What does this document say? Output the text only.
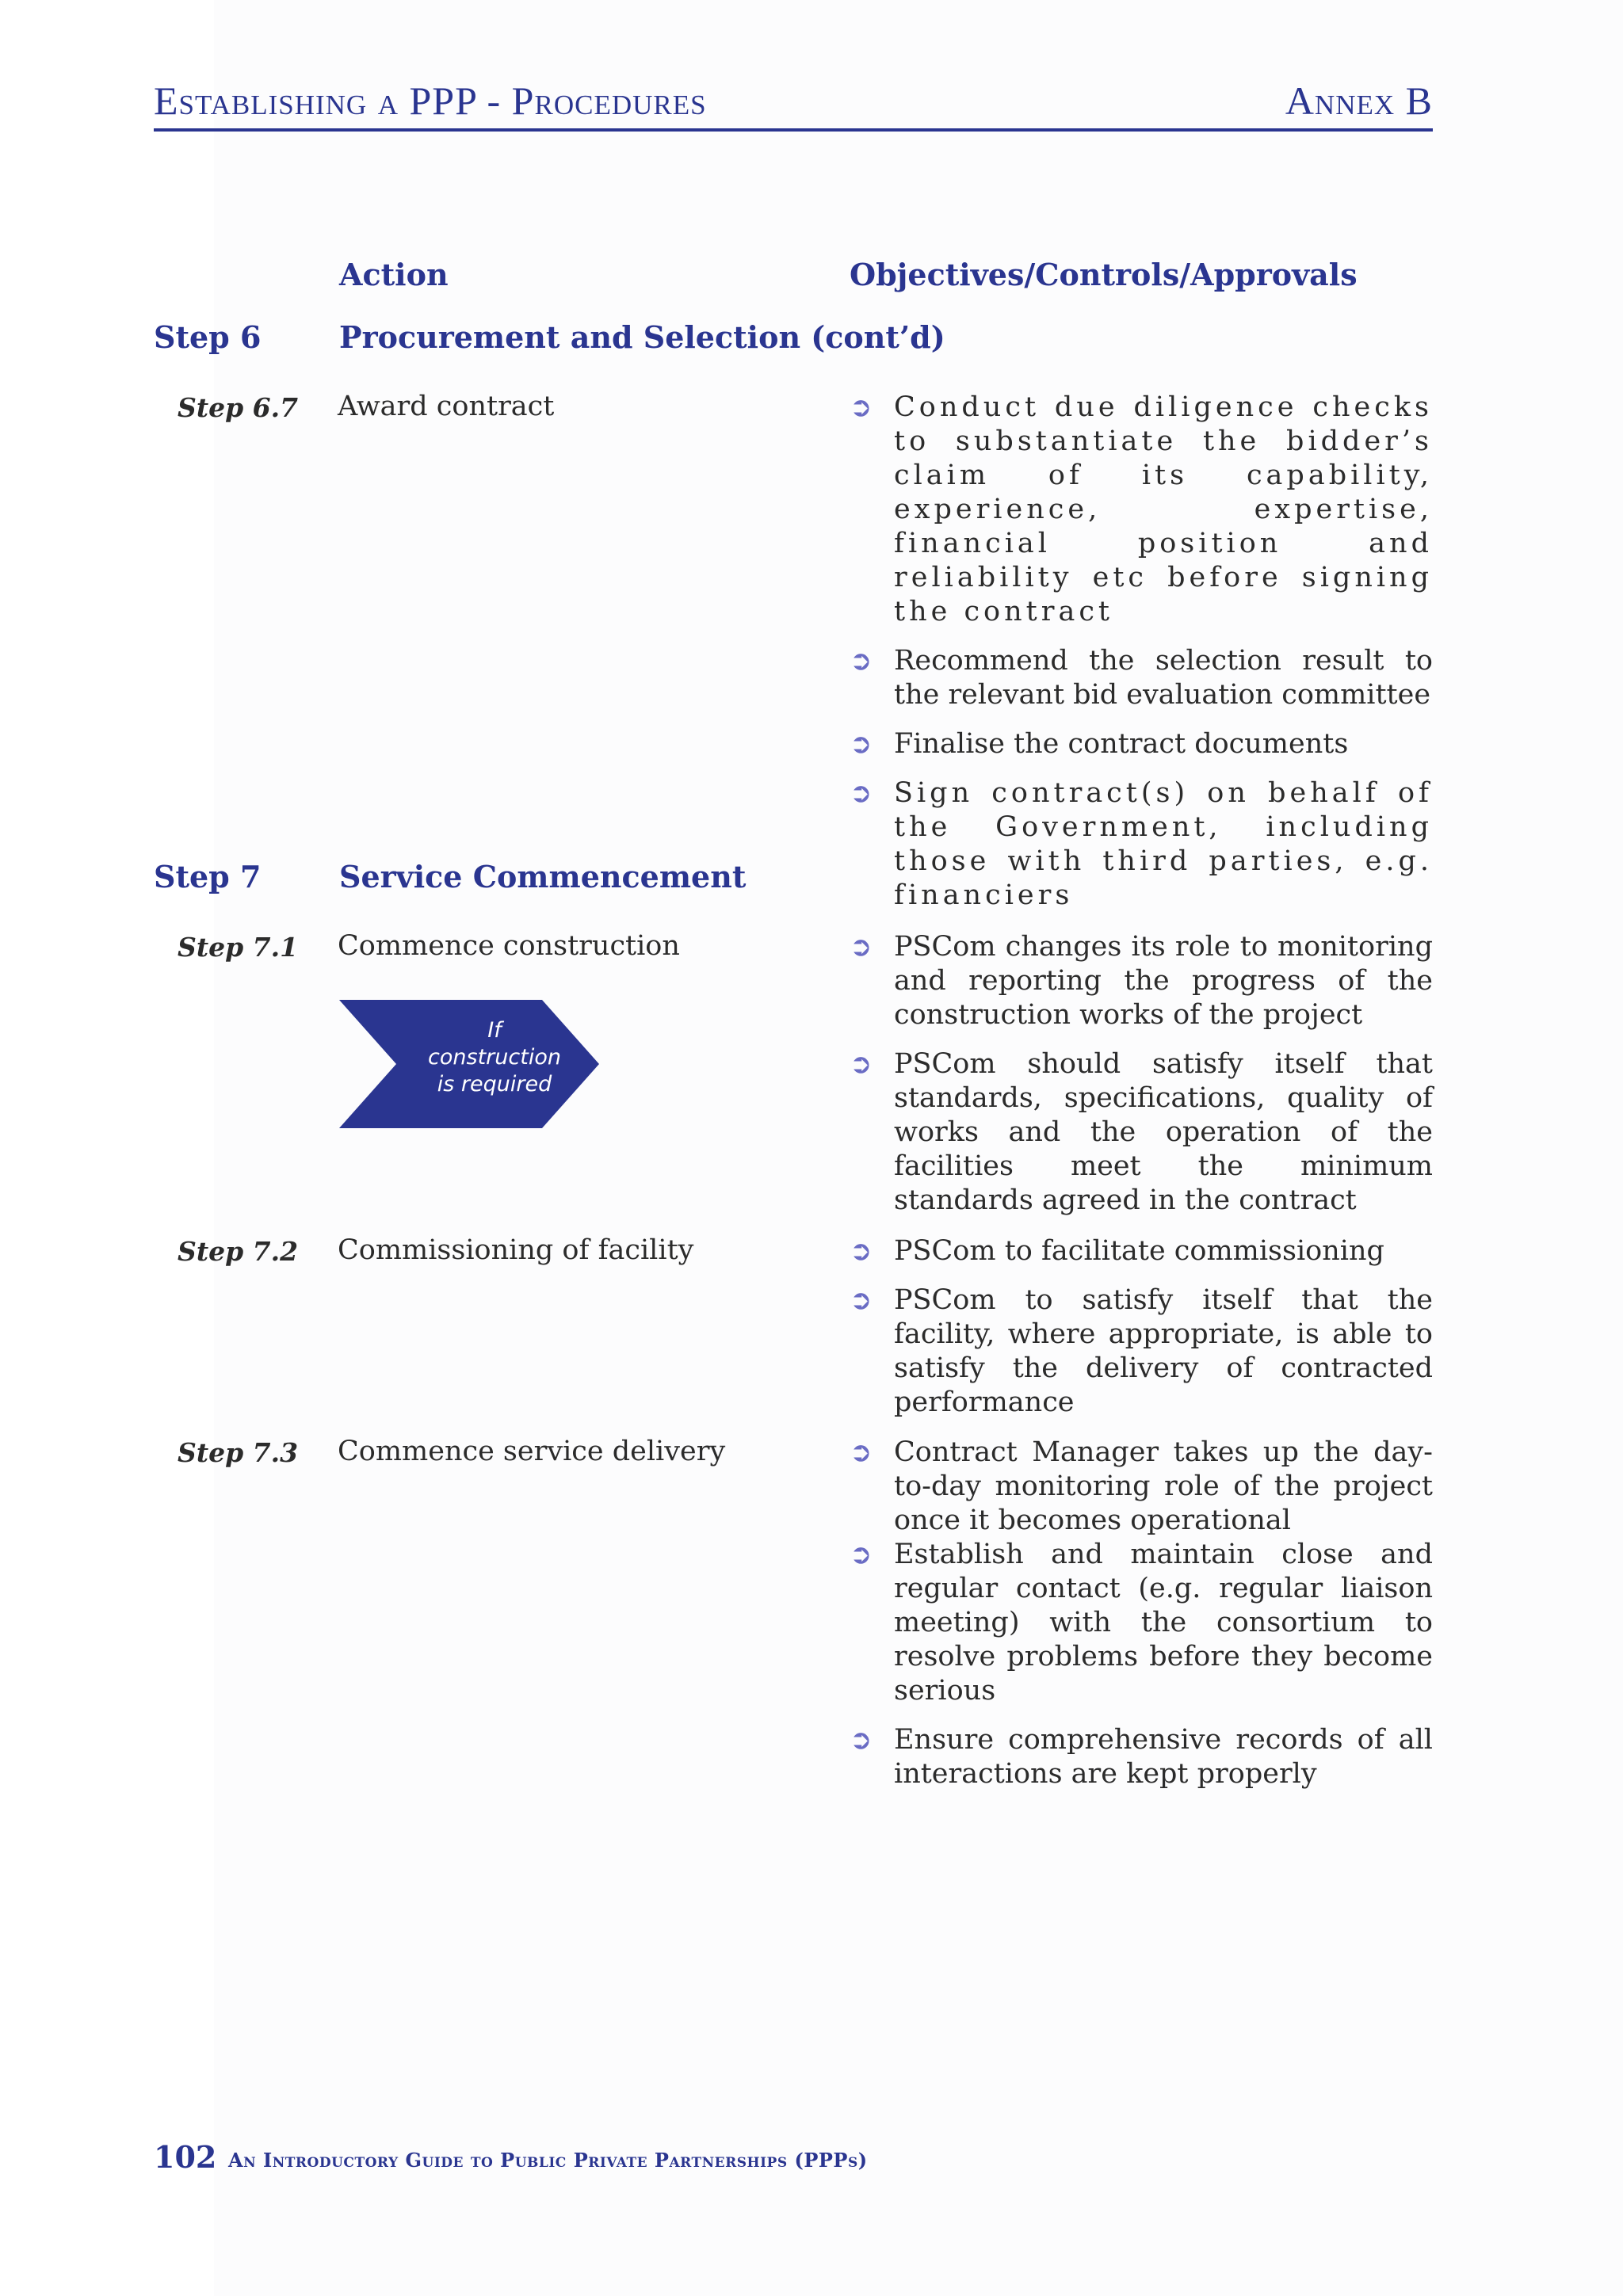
Establishing a PPP - Procedures	Annex B
Action	Objectives/Controls/Approvals
Step 6	Procurement and Selection (cont’d)
Step 6.7 Award contract	➲ Conduct due diligence checks to substantiate the bidder’s claim of its capability, experience, expertise, financial position and reliability etc before signing the contract
➲ Recommend the selection result to the relevant bid evaluation committee
➲ Finalise the contract documents
➲ Sign contract(s) on behalf of the Government, including those with third parties, e.g. financiers
Step 7	Service Commencement
Step 7.1 Commence construction
If
construction
is required
➲ PSCom changes its role to monitoring and reporting the progress of the construction works of the project
➲ PSCom should satisfy itself that standards, specifications, quality of works and the operation of the facilities meet the minimum standards agreed in the contract
Step 7.2 Commissioning of facility	➲ PSCom to facilitate commissioning
➲ PSCom to satisfy itself that the facility, where appropriate, is able to satisfy the delivery of contracted performance
Step 7.3 Commence service delivery	➲ Contract Manager takes up the day-to-day monitoring role of the project once it becomes operational
➲ Establish and maintain close and regular contact (e.g. regular liaison meeting) with the consortium to resolve problems before they become serious
➲ Ensure comprehensive records of all interactions are kept properly
102 An Introductory Guide to Public Private Partnerships (PPPs)
